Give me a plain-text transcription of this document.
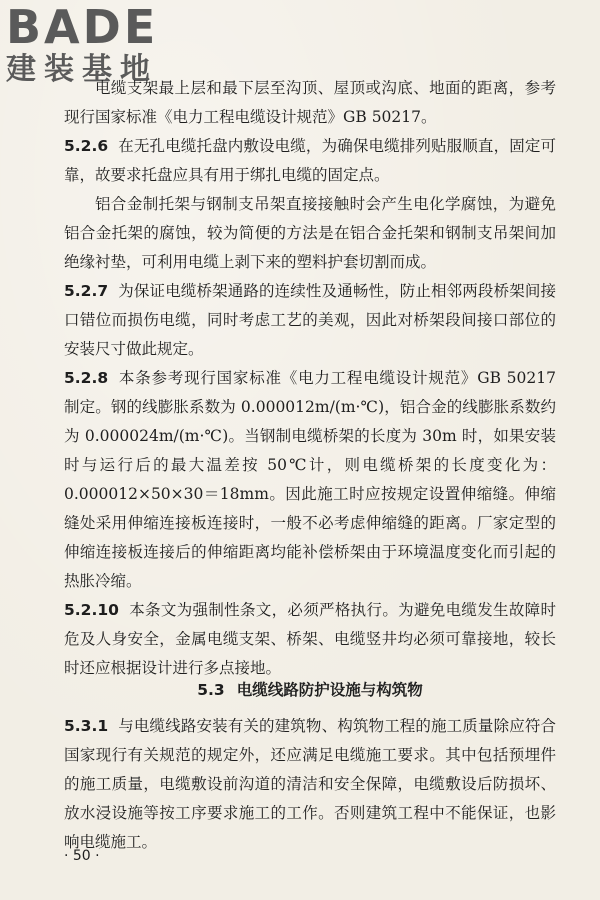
BADE
建装基地

电缆支架最上层和最下层至沟顶、屋顶或沟底、地面的距离，参考现行国家标准《电力工程电缆设计规范》GB 50217。

5.2.6 在无孔电缆托盘内敷设电缆，为确保电缆排列贴服顺直，固定可靠，故要求托盘应具有用于绑扎电缆的固定点。

铝合金制托架与钢制支吊架直接接触时会产生电化学腐蚀，为避免铝合金托架的腐蚀，较为简便的方法是在铝合金托架和钢制支吊架间加绝缘衬垫，可利用电缆上剥下来的塑料护套切割而成。

5.2.7 为保证电缆桥架通路的连续性及通畅性，防止相邻两段桥架间接口错位而损伤电缆，同时考虑工艺的美观，因此对桥架段间接口部位的安装尺寸做此规定。

5.2.8 本条参考现行国家标准《电力工程电缆设计规范》GB 50217 制定。钢的线膨胀系数为 0.000012m/(m·℃)，铝合金的线膨胀系数约为 0.000024m/(m·℃)。当钢制电缆桥架的长度为 30m 时，如果安装时与运行后的最大温差按 50℃计，则电缆桥架的长度变化为：0.000012×50×30＝18mm。因此施工时应按规定设置伸缩缝。伸缩缝处采用伸缩连接板连接时，一般不必考虑伸缩缝的距离。厂家定型的伸缩连接板连接后的伸缩距离均能补偿桥架由于环境温度变化而引起的热胀冷缩。

5.2.10 本条文为强制性条文，必须严格执行。为避免电缆发生故障时危及人身安全，金属电缆支架、桥架、电缆竖井均必须可靠接地，较长时还应根据设计进行多点接地。

5.3 电缆线路防护设施与构筑物

5.3.1 与电缆线路安装有关的建筑物、构筑物工程的施工质量除应符合国家现行有关规范的规定外，还应满足电缆施工要求。其中包括预埋件的施工质量，电缆敷设前沟道的清洁和安全保障，电缆敷设后防损坏、放水浸设施等按工序要求施工的工作。否则建筑工程中不能保证，也影响电缆施工。

· 50 ·
